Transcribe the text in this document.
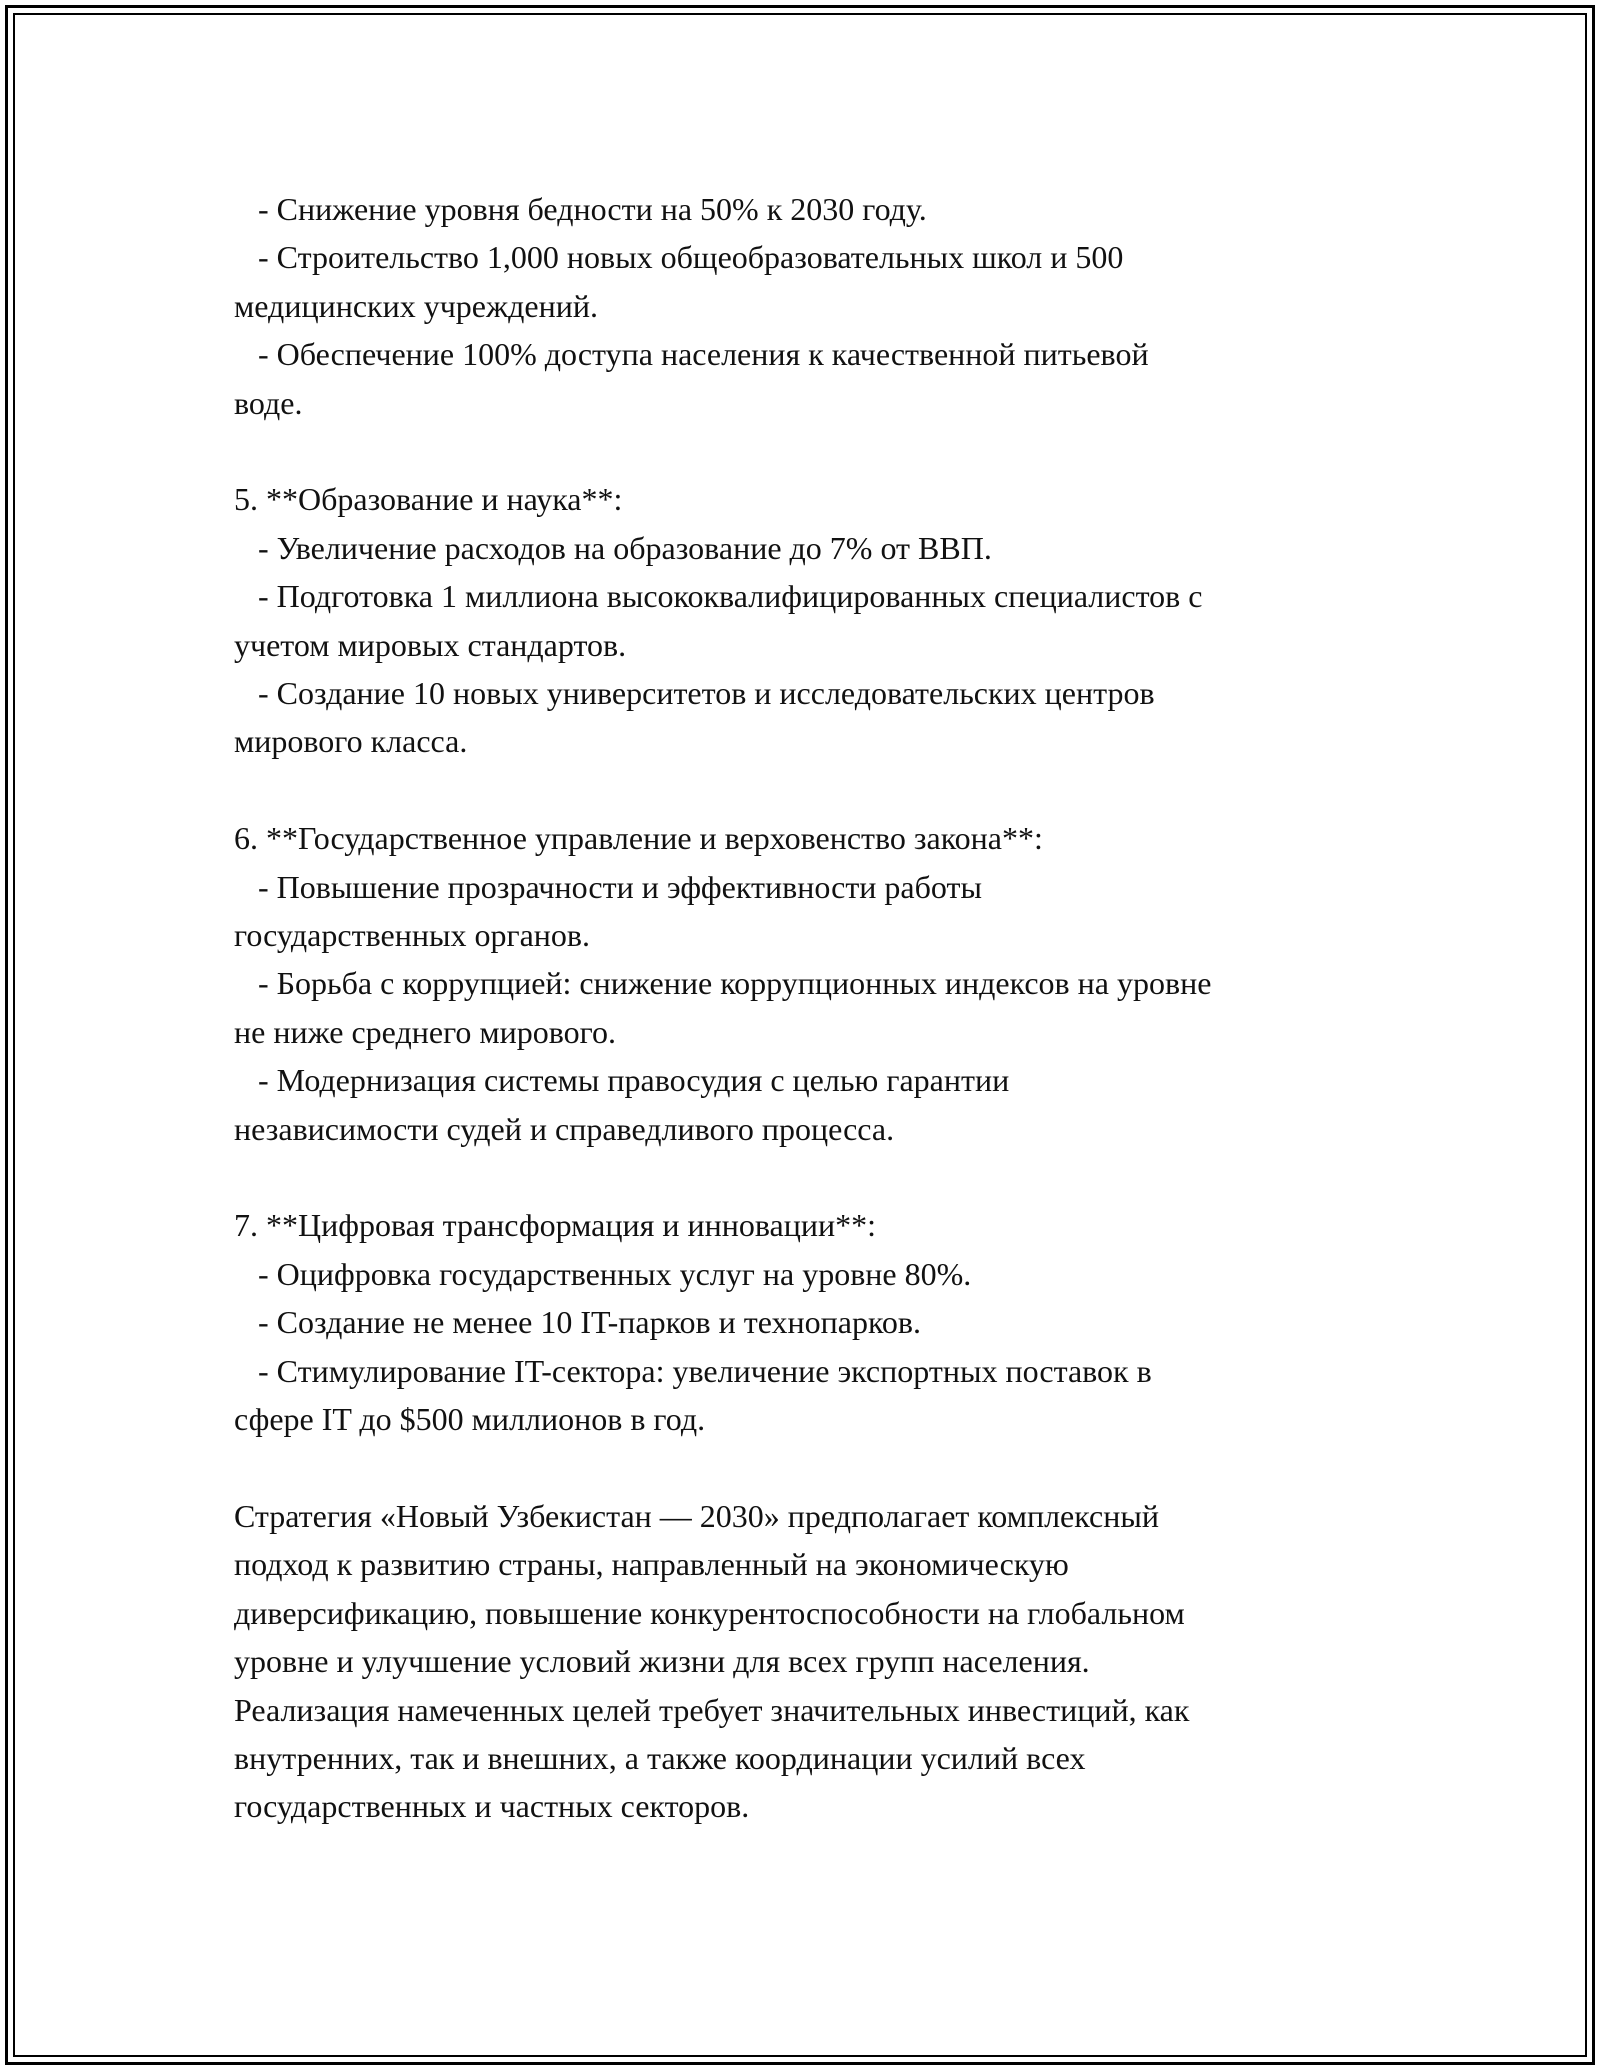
- Снижение уровня бедности на 50% к 2030 году.
- Строительство 1,000 новых общеобразовательных школ и 500
медицинских учреждений.
- Обеспечение 100% доступа населения к качественной питьевой
воде.
5. **Образование и наука**:
- Увеличение расходов на образование до 7% от ВВП.
- Подготовка 1 миллиона высококвалифицированных специалистов с
учетом мировых стандартов.
- Создание 10 новых университетов и исследовательских центров
мирового класса.
6. **Государственное управление и верховенство закона**:
- Повышение прозрачности и эффективности работы
государственных органов.
- Борьба с коррупцией: снижение коррупционных индексов на уровне
не ниже среднего мирового.
- Модернизация системы правосудия с целью гарантии
независимости судей и справедливого процесса.
7. **Цифровая трансформация и инновации**:
- Оцифровка государственных услуг на уровне 80%.
- Создание не менее 10 IT-парков и технопарков.
- Стимулирование IT-сектора: увеличение экспортных поставок в
сфере IT до $500 миллионов в год.
Стратегия «Новый Узбекистан — 2030» предполагает комплексный
подход к развитию страны, направленный на экономическую
диверсификацию, повышение конкурентоспособности на глобальном
уровне и улучшение условий жизни для всех групп населения.
Реализация намеченных целей требует значительных инвестиций, как
внутренних, так и внешних, а также координации усилий всех
государственных и частных секторов.
